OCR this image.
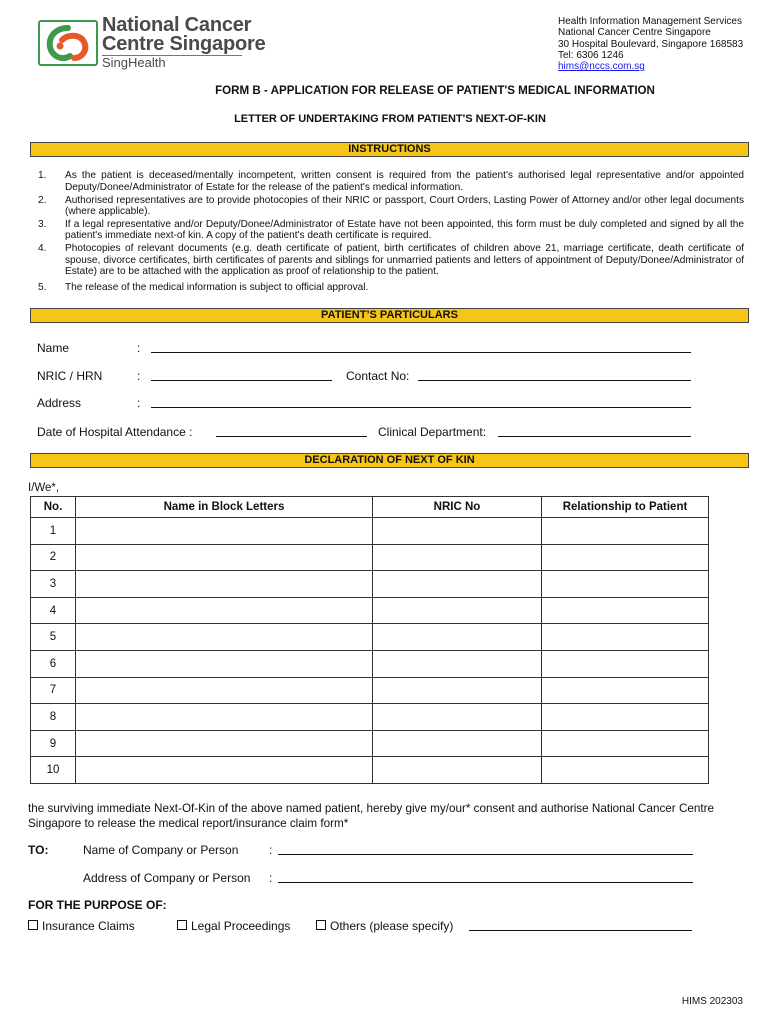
National Cancer
Centre Singapore
SingHealth
Health Information Management Services
National Cancer Centre Singapore
30 Hospital Boulevard, Singapore 168583
Tel: 6306 1246
hims@nccs.com.sg
FORM B - APPLICATION FOR RELEASE OF PATIENT'S MEDICAL INFORMATION
LETTER OF UNDERTAKING FROM PATIENT'S NEXT-OF-KIN
INSTRUCTIONS
1. As the patient is deceased/mentally incompetent, written consent is required from the patient's authorised legal representative and/or appointed Deputy/Donee/Administrator of Estate for the release of the patient's medical information.
2. Authorised representatives are to provide photocopies of their NRIC or passport, Court Orders, Lasting Power of Attorney and/or other legal documents (where applicable).
3. If a legal representative and/or Deputy/Donee/Administrator of Estate have not been appointed, this form must be duly completed and signed by all the patient's immediate next-of kin. A copy of the patient's death certificate is required.
4. Photocopies of relevant documents (e.g. death certificate of patient, birth certificates of children above 21, marriage certificate, death certificate of spouse, divorce certificates, birth certificates of parents and siblings for unmarried patients and letters of appointment of Deputy/Donee/Administrator of Estate) are to be attached with the application as proof of relationship to the patient.
5. The release of the medical information is subject to official approval.
PATIENT’S PARTICULARS
Name	:
NRIC / HRN	:	Contact No:
Address	:
Date of Hospital Attendance :	Clinical Department:
DECLARATION OF NEXT OF KIN
I/We*,
No.	Name in Block Letters	NRIC No	Relationship to Patient
1			
2			
3			
4			
5			
6			
7			
8			
9			
10			
the surviving immediate Next-Of-Kin of the above named patient, hereby give my/our* consent and authorise National Cancer Centre Singapore to release the medical report/insurance claim form*
TO:	Name of Company or Person	:
Address of Company or Person :
FOR THE PURPOSE OF:
Insurance Claims	Legal Proceedings	Others (please specify)
HIMS 202303
